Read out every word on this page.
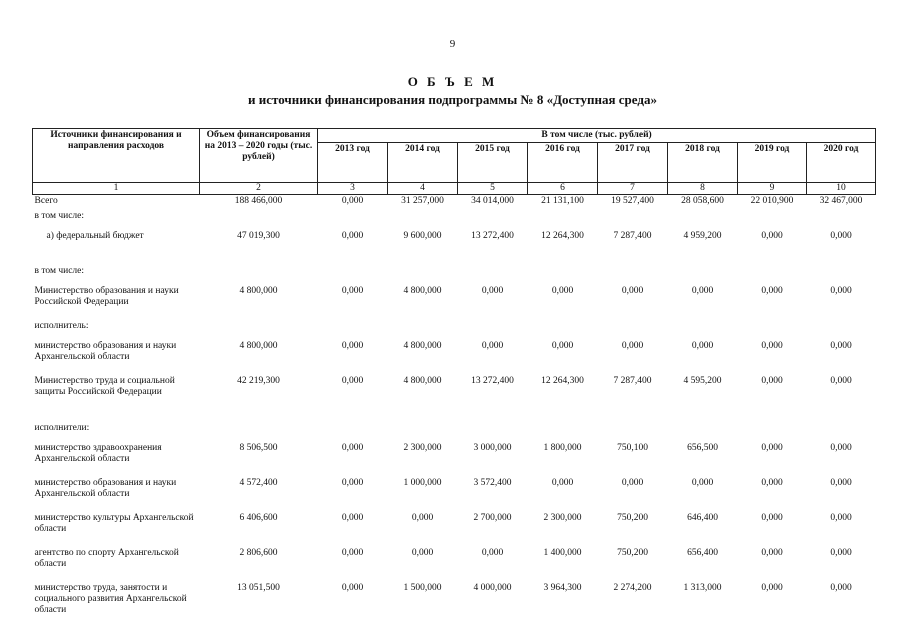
9
О Б Ъ Е М
и источники финансирования подпрограммы № 8 «Доступная среда»
Источники финансирования и направления расходов	Объем финансирования на 2013 – 2020 годы (тыс. рублей)	В том числе (тыс. рублей)							
		2013 год	2014 год	2015 год	2016 год	2017 год	2018 год	2019 год	2020 год
1	2	3	4	5	6	7	8	9	10
Всего	188 466,000	0,000	31 257,000	34 014,000	21 131,100	19 527,400	28 058,600	22 010,900	32 467,000
в том числе:									
а) федеральный бюджет	47 019,300	0,000	9 600,000	13 272,400	12 264,300	7 287,400	4 959,200	0,000	0,000
в том числе:									
Министерство образования и науки Российской Федерации	4 800,000	0,000	4 800,000	0,000	0,000	0,000	0,000	0,000	0,000
исполнитель:									
министерство образования и науки Архангельской области	4 800,000	0,000	4 800,000	0,000	0,000	0,000	0,000	0,000	0,000
Министерство труда и социальной защиты Российской Федерации	42 219,300	0,000	4 800,000	13 272,400	12 264,300	7 287,400	4 595,200	0,000	0,000
исполнители:									
министерство здравоохранения Архангельской области	8 506,500	0,000	2 300,000	3 000,000	1 800,000	750,100	656,500	0,000	0,000
министерство образования и науки Архангельской области	4 572,400	0,000	1 000,000	3 572,400	0,000	0,000	0,000	0,000	0,000
министерство культуры Архангельской области	6 406,600	0,000	0,000	2 700,000	2 300,000	750,200	646,400	0,000	0,000
агентство по спорту Архангельской области	2 806,600	0,000	0,000	0,000	1 400,000	750,200	656,400	0,000	0,000
министерство труда, занятости и социального развития Архангельской области	13 051,500	0,000	1 500,000	4 000,000	3 964,300	2 274,200	1 313,000	0,000	0,000
